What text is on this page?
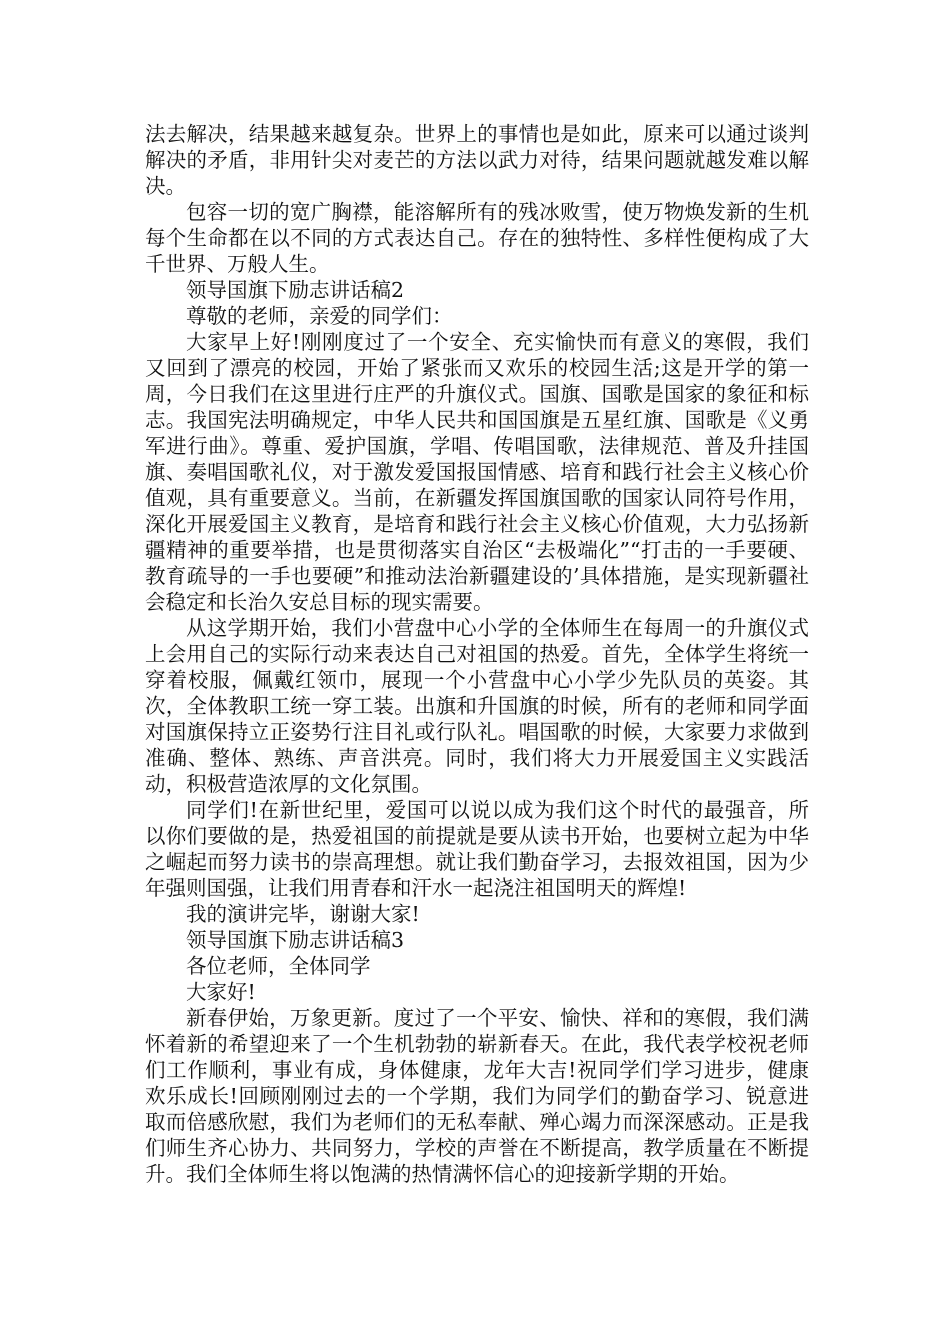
法去解决，结果越来越复杂。世界上的事情也是如此，原来可以通过谈判解决的矛盾，非用针尖对麦芒的方法以武力对待，结果问题就越发难以解决。

包容一切的宽广胸襟，能溶解所有的残冰败雪，使万物焕发新的生机每个生命都在以不同的方式表达自己。存在的独特性、多样性便构成了大千世界、万般人生。

领导国旗下励志讲话稿2

尊敬的老师，亲爱的同学们：

大家早上好!刚刚度过了一个安全、充实愉快而有意义的寒假，我们又回到了漂亮的校园，开始了紧张而又欢乐的校园生活;这是开学的第一周，今日我们在这里进行庄严的升旗仪式。国旗、国歌是国家的象征和标志。我国宪法明确规定，中华人民共和国国旗是五星红旗、国歌是《义勇军进行曲》。尊重、爱护国旗，学唱、传唱国歌，法律规范、普及升挂国旗、奏唱国歌礼仪，对于激发爱国报国情感、培育和践行社会主义核心价值观，具有重要意义。当前，在新疆发挥国旗国歌的国家认同符号作用，深化开展爱国主义教育，是培育和践行社会主义核心价值观，大力弘扬新疆精神的重要举措，也是贯彻落实自治区“去极端化”“打击的一手要硬、教育疏导的一手也要硬”和推动法治新疆建设的’具体措施，是实现新疆社会稳定和长治久安总目标的现实需要。

从这学期开始，我们小营盘中心小学的全体师生在每周一的升旗仪式上会用自己的实际行动来表达自己对祖国的热爱。首先，全体学生将统一穿着校服，佩戴红领巾，展现一个小营盘中心小学少先队员的英姿。其次，全体教职工统一穿工装。出旗和升国旗的时候，所有的老师和同学面对国旗保持立正姿势行注目礼或行队礼。唱国歌的时候，大家要力求做到准确、整体、熟练、声音洪亮。同时，我们将大力开展爱国主义实践活动，积极营造浓厚的文化氛围。

同学们!在新世纪里，爱国可以说以成为我们这个时代的最强音，所以你们要做的是，热爱祖国的前提就是要从读书开始，也要树立起为中华之崛起而努力读书的崇高理想。就让我们勤奋学习，去报效祖国，因为少年强则国强，让我们用青春和汗水一起浇注祖国明天的辉煌!

我的演讲完毕，谢谢大家!

领导国旗下励志讲话稿3

各位老师，全体同学

大家好!

新春伊始，万象更新。度过了一个平安、愉快、祥和的寒假，我们满怀着新的希望迎来了一个生机勃勃的崭新春天。在此，我代表学校祝老师们工作顺利，事业有成，身体健康，龙年大吉!祝同学们学习进步，健康欢乐成长!回顾刚刚过去的一个学期，我们为同学们的勤奋学习、锐意进取而倍感欣慰，我们为老师们的无私奉献、殚心竭力而深深感动。正是我们师生齐心协力、共同努力，学校的声誉在不断提高，教学质量在不断提升。我们全体师生将以饱满的热情满怀信心的迎接新学期的开始。
